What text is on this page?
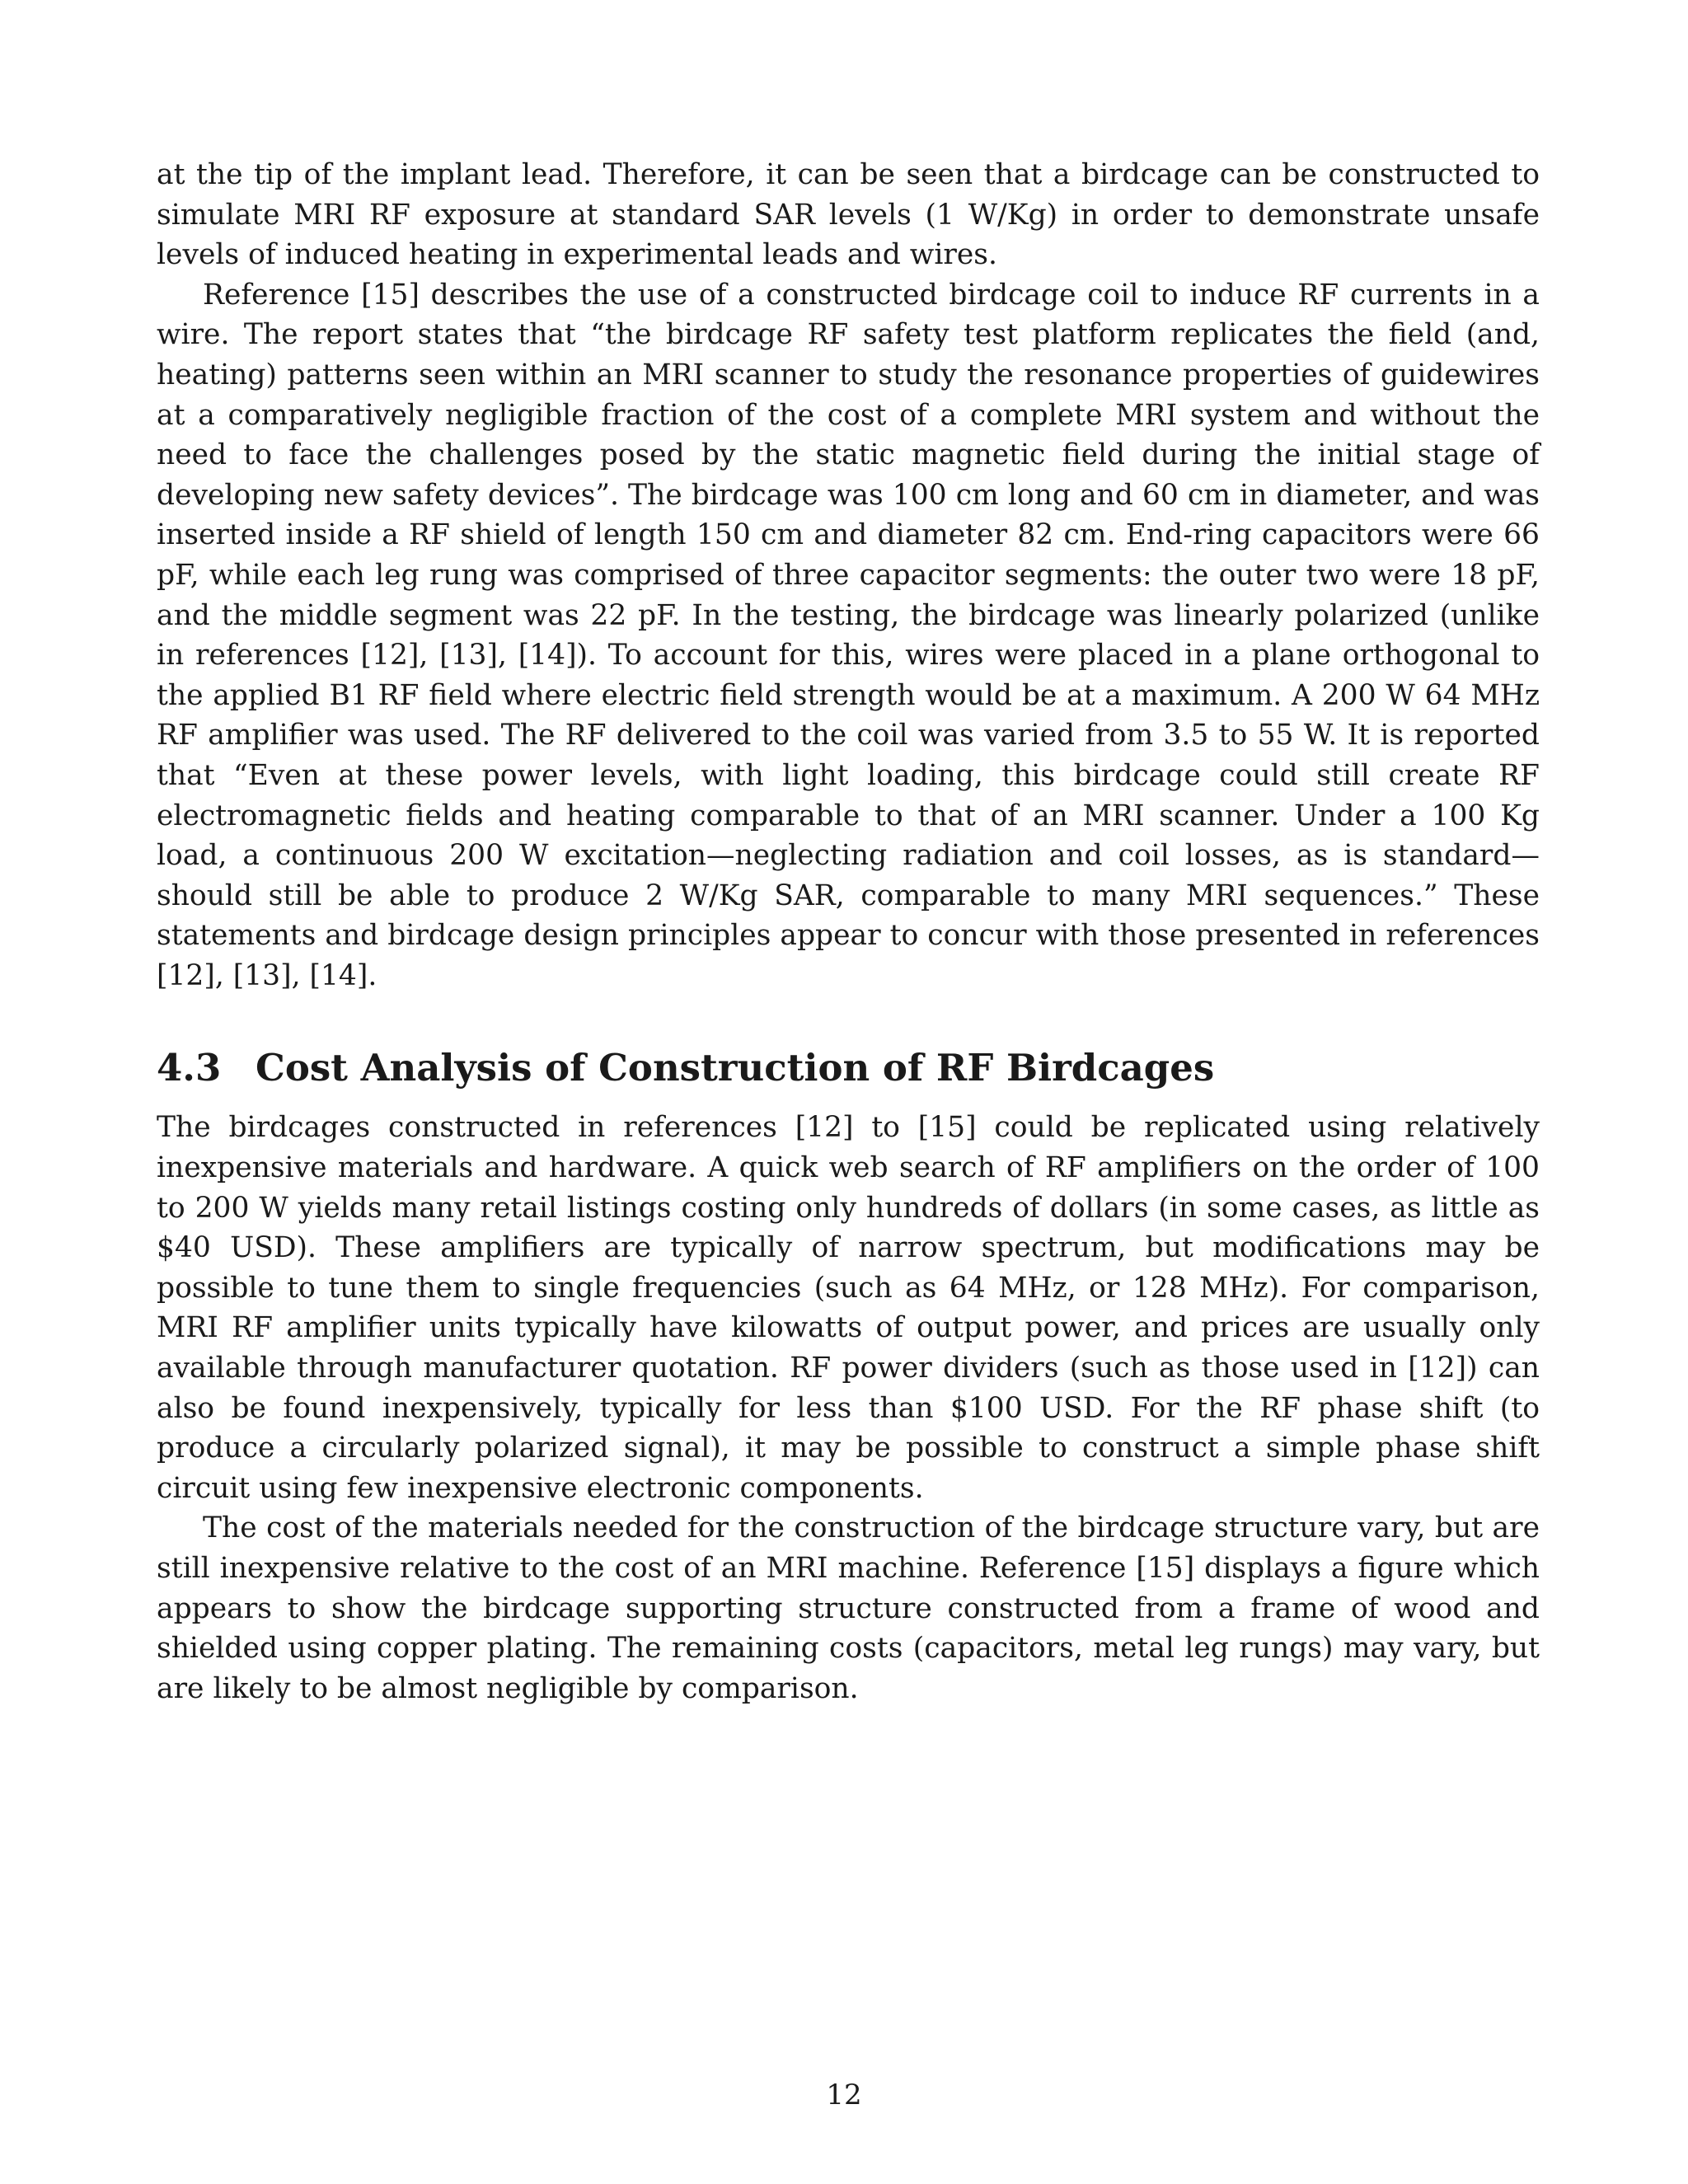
at the tip of the implant lead. Therefore, it can be seen that a birdcage can be constructed to simulate MRI RF exposure at standard SAR levels (1 W/Kg) in order to demonstrate unsafe levels of induced heating in experimental leads and wires.

Reference [15] describes the use of a constructed birdcage coil to induce RF currents in a wire. The report states that “the birdcage RF safety test platform replicates the field (and, heating) patterns seen within an MRI scanner to study the resonance properties of guidewires at a comparatively negligible fraction of the cost of a complete MRI system and without the need to face the challenges posed by the static magnetic field during the initial stage of developing new safety devices”. The birdcage was 100 cm long and 60 cm in diameter, and was inserted inside a RF shield of length 150 cm and diameter 82 cm. End-ring capacitors were 66 pF, while each leg rung was comprised of three capacitor segments: the outer two were 18 pF, and the middle segment was 22 pF. In the testing, the birdcage was linearly polarized (unlike in references [12], [13], [14]). To account for this, wires were placed in a plane orthogonal to the applied B1 RF field where electric field strength would be at a maximum. A 200 W 64 MHz RF amplifier was used. The RF delivered to the coil was varied from 3.5 to 55 W. It is reported that “Even at these power levels, with light loading, this birdcage could still create RF electromagnetic fields and heating comparable to that of an MRI scanner. Under a 100 Kg load, a continuous 200 W excitation—neglecting radiation and coil losses, as is standard—should still be able to produce 2 W/Kg SAR, comparable to many MRI sequences.” These statements and birdcage design principles appear to concur with those presented in references [12], [13], [14].

4.3 Cost Analysis of Construction of RF Birdcages

The birdcages constructed in references [12] to [15] could be replicated using relatively inexpensive materials and hardware. A quick web search of RF amplifiers on the order of 100 to 200 W yields many retail listings costing only hundreds of dollars (in some cases, as little as $40 USD). These amplifiers are typically of narrow spectrum, but modifications may be possible to tune them to single frequencies (such as 64 MHz, or 128 MHz). For comparison, MRI RF amplifier units typically have kilowatts of output power, and prices are usually only available through manufacturer quotation. RF power dividers (such as those used in [12]) can also be found inexpensively, typically for less than $100 USD. For the RF phase shift (to produce a circularly polarized signal), it may be possible to construct a simple phase shift circuit using few inexpensive electronic components.

The cost of the materials needed for the construction of the birdcage structure vary, but are still inexpensive relative to the cost of an MRI machine. Reference [15] displays a figure which appears to show the birdcage supporting structure constructed from a frame of wood and shielded using copper plating. The remaining costs (capacitors, metal leg rungs) may vary, but are likely to be almost negligible by comparison.

12
